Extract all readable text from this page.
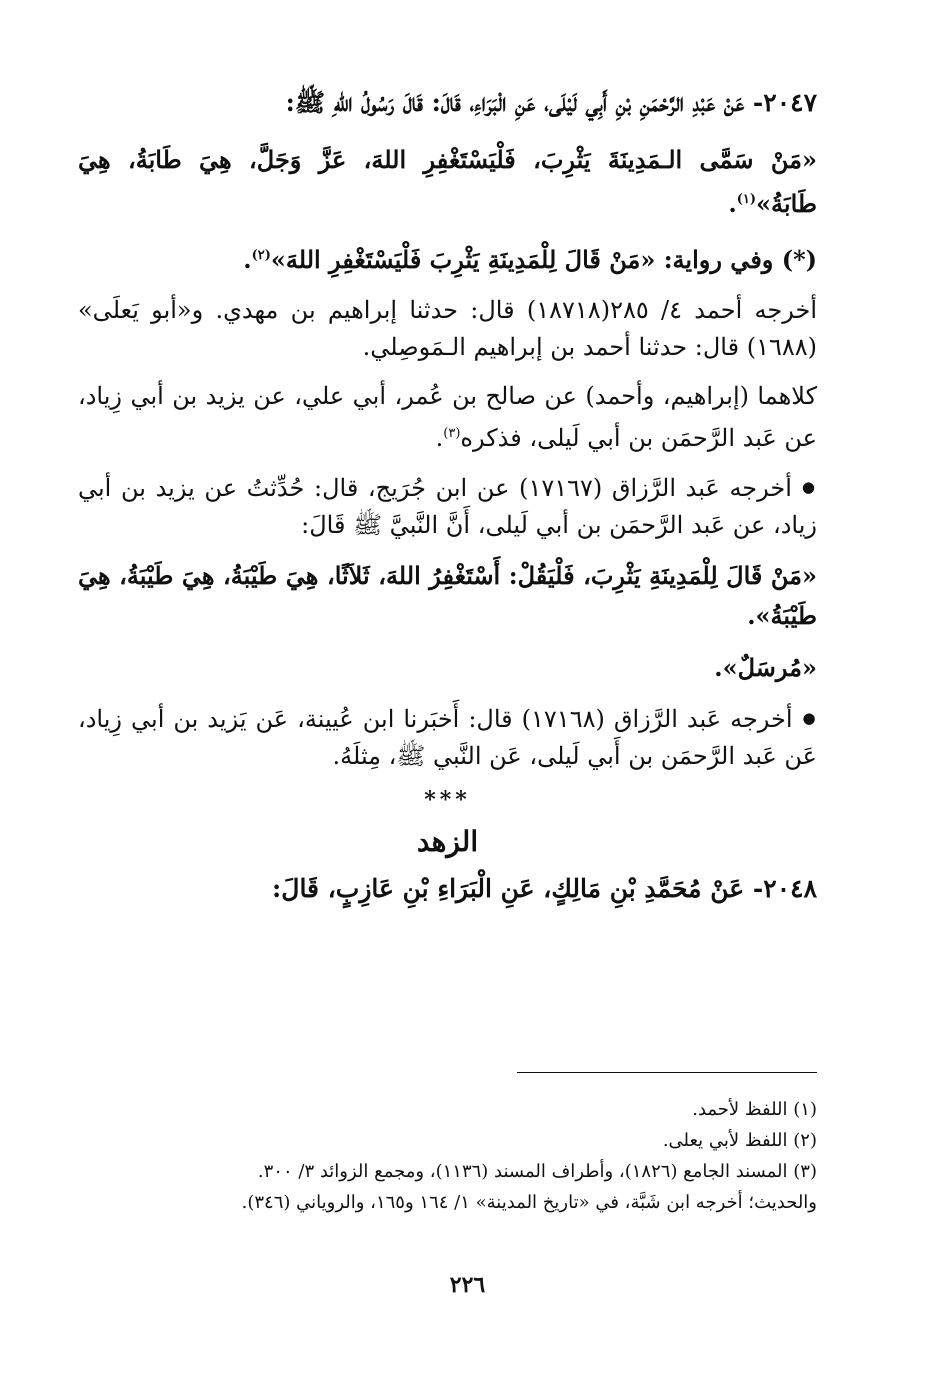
٢٠٤٧- عَنْ عَبْدِ الرَّحْمَنِ بْنِ أَبِي لَيْلَى، عَنِ الْبَرَاءِ، قَالَ: قَالَ رَسُولُ اللهِ ﷺ:

«مَنْ سَمَّى الـمَدِينَةَ يَثْرِبَ، فَلْيَسْتَغْفِرِ اللهَ، عَزَّ وَجَلَّ، هِيَ طَابَةُ، هِيَ طَابَةُ»$^{(١)}$.

(*) وفي رواية: «مَنْ قَالَ لِلْمَدِينَةِ يَثْرِبَ فَلْيَسْتَغْفِرِ اللهَ»$^{(٢)}$.

أخرجه أحمد ٤/ ٢٨٥(١٨٧١٨) قال: حدثنا إبراهيم بن مهدي. و«أبو يَعلَى» (١٦٨٨) قال: حدثنا أحمد بن إبراهيم الـمَوصِلي.

كلاهما (إبراهيم، وأحمد) عن صالح بن عُمر، أبي علي، عن يزيد بن أبي زِياد، عن عَبد الرَّحمَن بن أبي لَيلى، فذكره$^{(٣)}$.

● أخرجه عَبد الرَّزاق (١٧١٦٧) عن ابن جُرَيج، قال: حُدِّثتُ عن يزيد بن أبي زياد، عن عَبد الرَّحمَن بن أبي لَيلى، أَنَّ النَّبيَّ ﷺ قَالَ:

«مَنْ قَالَ لِلْمَدِينَةِ يَثْرِبَ، فَلْيَقُلْ: أَسْتَغْفِرُ اللهَ، ثَلاَثًا، هِيَ طَيْبَةُ، هِيَ طَيْبَةُ، هِيَ طَيْبَةُ».

«مُرسَلٌ».

● أخرجه عَبد الرَّزاق (١٧١٦٨) قال: أَخبَرنا ابن عُيينة، عَن يَزيد بن أبي زِياد، عَن عَبد الرَّحمَن بن أَبي لَيلى، عَن النَّبي ﷺ، مِثلَهُ.

***
الزهد

٢٠٤٨- عَنْ مُحَمَّدِ بْنِ مَالِكٍ، عَنِ الْبَرَاءِ بْنِ عَازِبٍ، قَالَ:

(١) اللفظ لأحمد.

(٢) اللفظ لأبي يعلى.

(٣) المسند الجامع (١٨٢٦)، وأطراف المسند (١١٣٦)، ومجمع الزوائد ٣/ ٣٠٠.

والحديث؛ أخرجه ابن شَبَّة، في «تاريخ المدينة» ١/ ١٦٤ و١٦٥، والروياني (٣٤٦).

٢٢٦
